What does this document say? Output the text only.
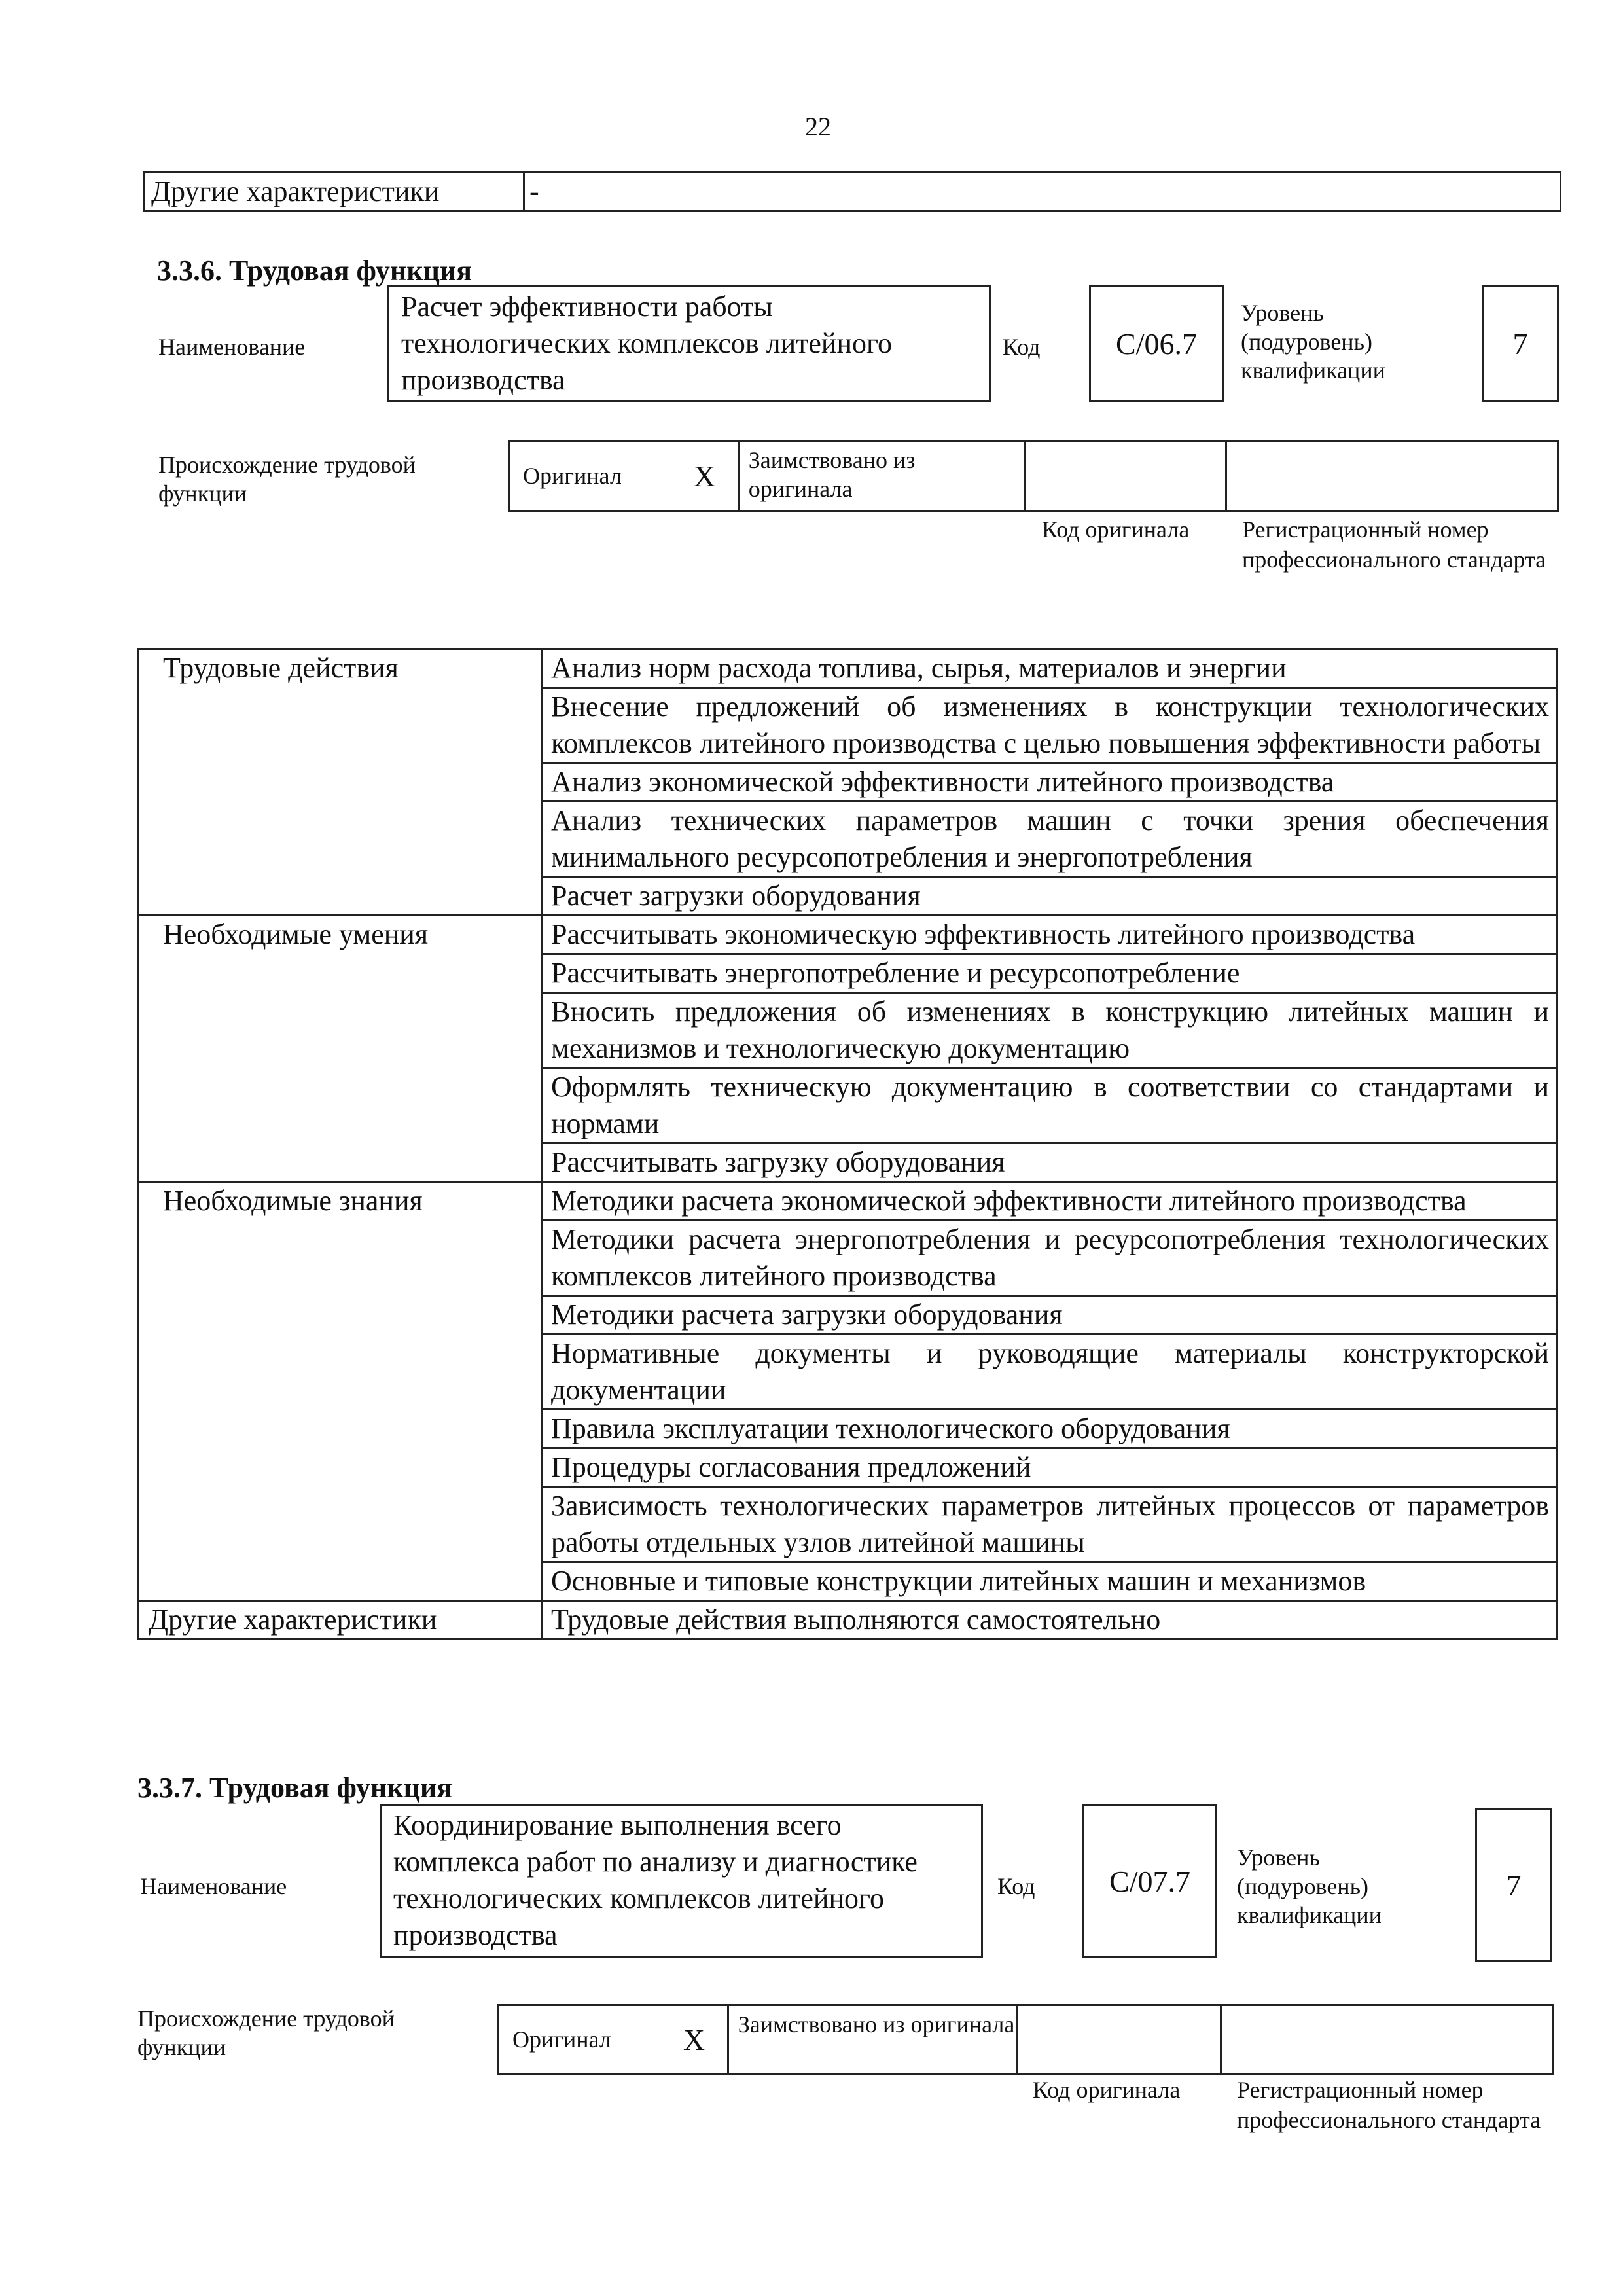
22
Другие характеристики	-
3.3.6. Трудовая функция
Наименование
Расчет эффективности работы технологических комплексов литейного производства
Код	C/06.7
Уровень (подуровень) квалификации
7
Происхождение трудовой функции
Оригинал X	Заимствовано из оригинала
Код оригинала Регистрационный номер профессионального стандарта
Трудовые действия	Анализ норм расхода топлива, сырья, материалов и энергии
	Внесение предложений об изменениях в конструкции технологических комплексов литейного производства с целью повышения эффективности работы
	Анализ экономической эффективности литейного производства
	Анализ технических параметров машин с точки зрения обеспечения минимального ресурсопотребления и энергопотребления
	Расчет загрузки оборудования
Необходимые умения	Рассчитывать экономическую эффективность литейного производства
	Рассчитывать энергопотребление и ресурсопотребление
	Вносить предложения об изменениях в конструкцию литейных машин и механизмов и технологическую документацию
	Оформлять техническую документацию в соответствии со стандартами и нормами
	Рассчитывать загрузку оборудования
Необходимые знания	Методики расчета экономической эффективности литейного производства
	Методики расчета энергопотребления и ресурсопотребления технологических комплексов литейного производства
	Методики расчета загрузки оборудования
	Нормативные документы и руководящие материалы конструкторской документации
	Правила эксплуатации технологического оборудования
	Процедуры согласования предложений
	Зависимость технологических параметров литейных процессов от параметров работы отдельных узлов литейной машины
	Основные и типовые конструкции литейных машин и механизмов
Другие характеристики	Трудовые действия выполняются самостоятельно
3.3.7. Трудовая функция
Наименование
Координирование выполнения всего комплекса работ по анализу и диагностике технологических комплексов литейного производства
Код	C/07.7
Уровень (подуровень) квалификации
7
Происхождение трудовой функции	Оригинал X	Заимствовано из оригинала
Код оригинала Регистрационный номер профессионального стандарта
